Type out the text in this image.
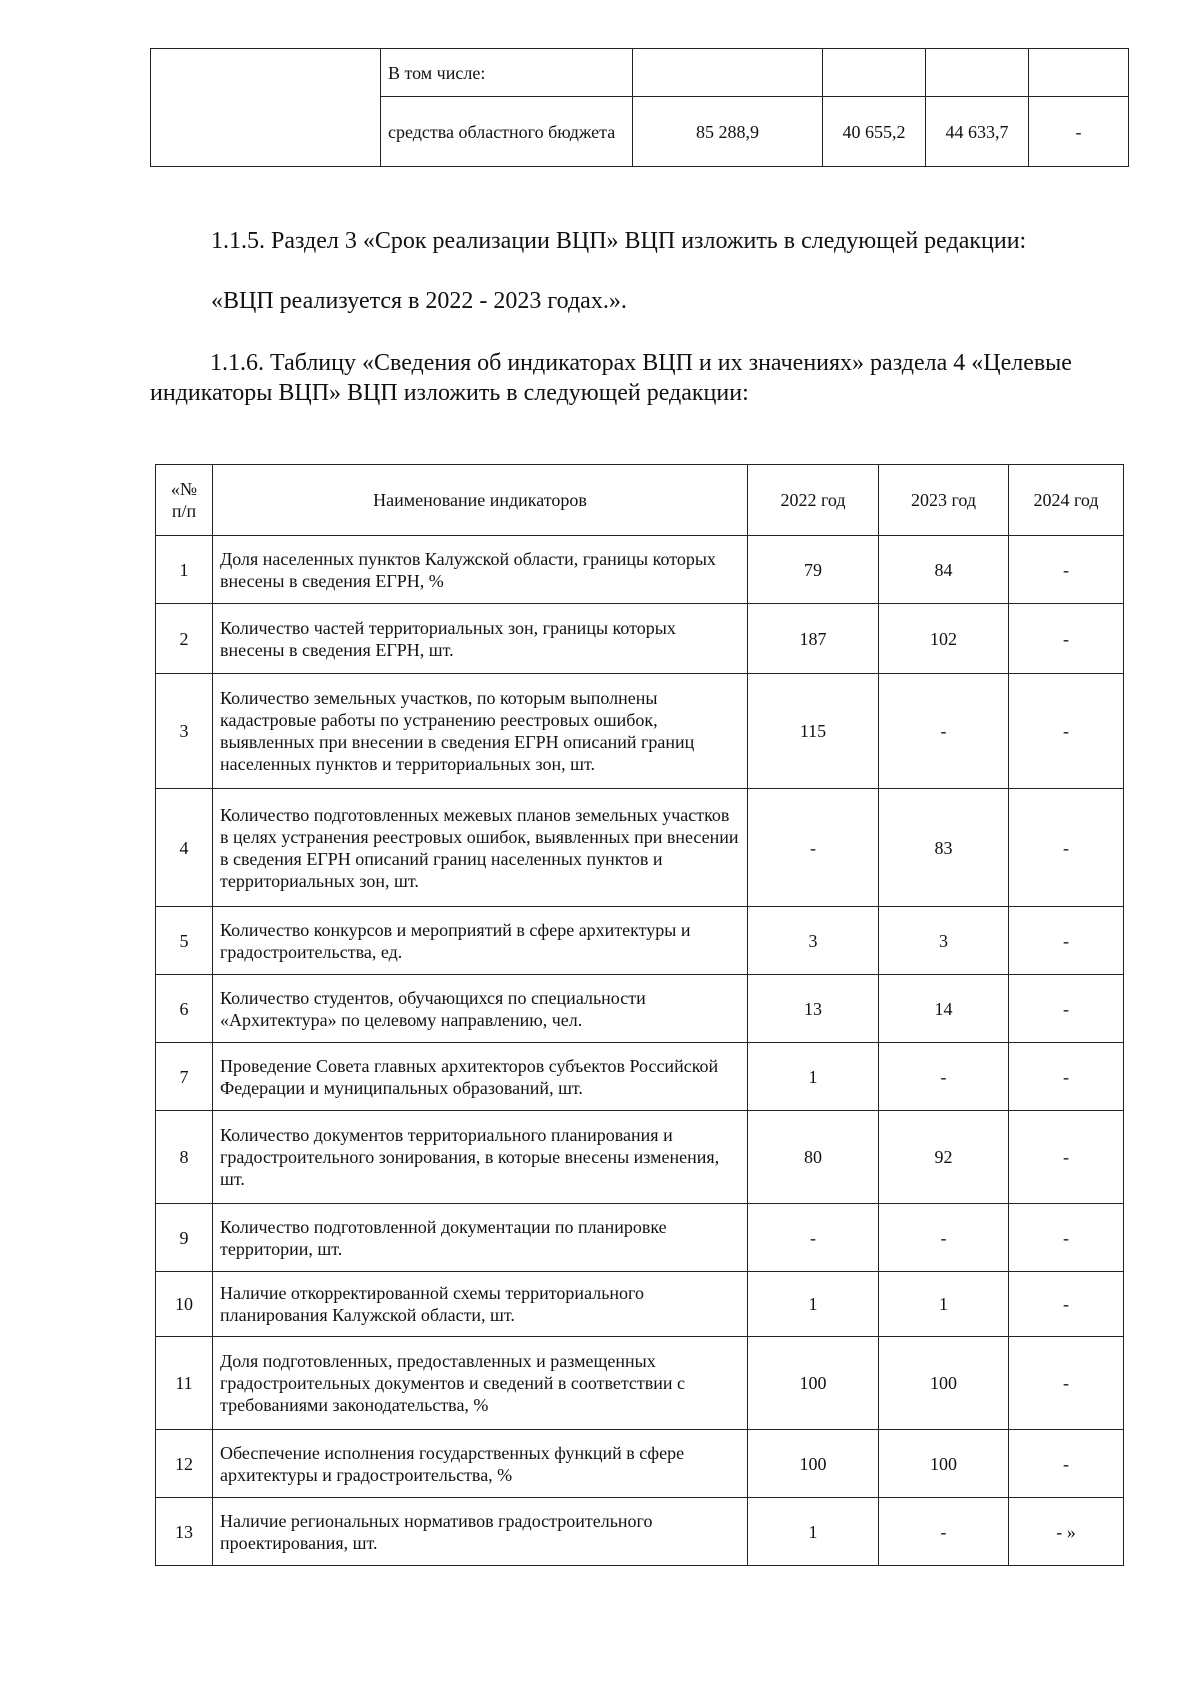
	В том числе:				
	средства областного бюджета	85 288,9	40 655,2	44 633,7	-

1.1.5. Раздел 3 «Срок реализации ВЦП» ВЦП изложить в следующей редакции:

«ВЦП реализуется в 2022 - 2023 годах.».

1.1.6. Таблицу «Сведения об индикаторах ВЦП и их значениях» раздела 4 «Целевые индикаторы ВЦП» ВЦП изложить в следующей редакции:

«№ п/п	Наименование индикаторов	2022 год	2023 год	2024 год
1	Доля населенных пунктов Калужской области, границы которых внесены в сведения ЕГРН, %	79	84	-
2	Количество частей территориальных зон, границы которых внесены в сведения ЕГРН, шт.	187	102	-
3	Количество земельных участков, по которым выполнены кадастровые работы по устранению реестровых ошибок, выявленных при внесении в сведения ЕГРН описаний границ населенных пунктов и территориальных зон, шт.	115	-	-
4	Количество подготовленных межевых планов земельных участков в целях устранения реестровых ошибок, выявленных при внесении в сведения ЕГРН описаний границ населенных пунктов и территориальных зон, шт.	-	83	-
5	Количество конкурсов и мероприятий в сфере архитектуры и градостроительства, ед.	3	3	-
6	Количество студентов, обучающихся по специальности «Архитектура» по целевому направлению, чел.	13	14	-
7	Проведение Совета главных архитекторов субъектов Российской Федерации и муниципальных образований, шт.	1	-	-
8	Количество документов территориального планирования и градостроительного зонирования, в которые внесены изменения, шт.	80	92	-
9	Количество подготовленной документации по планировке территории, шт.	-	-	-
10	Наличие откорректированной схемы территориального планирования Калужской области, шт.	1	1	-
11	Доля подготовленных, предоставленных и размещенных градостроительных документов и сведений в соответствии с требованиями законодательства, %	100	100	-
12	Обеспечение исполнения государственных функций в сфере архитектуры и градостроительства, %	100	100	-
13	Наличие региональных нормативов градостроительного проектирования, шт.	1	-	- »
